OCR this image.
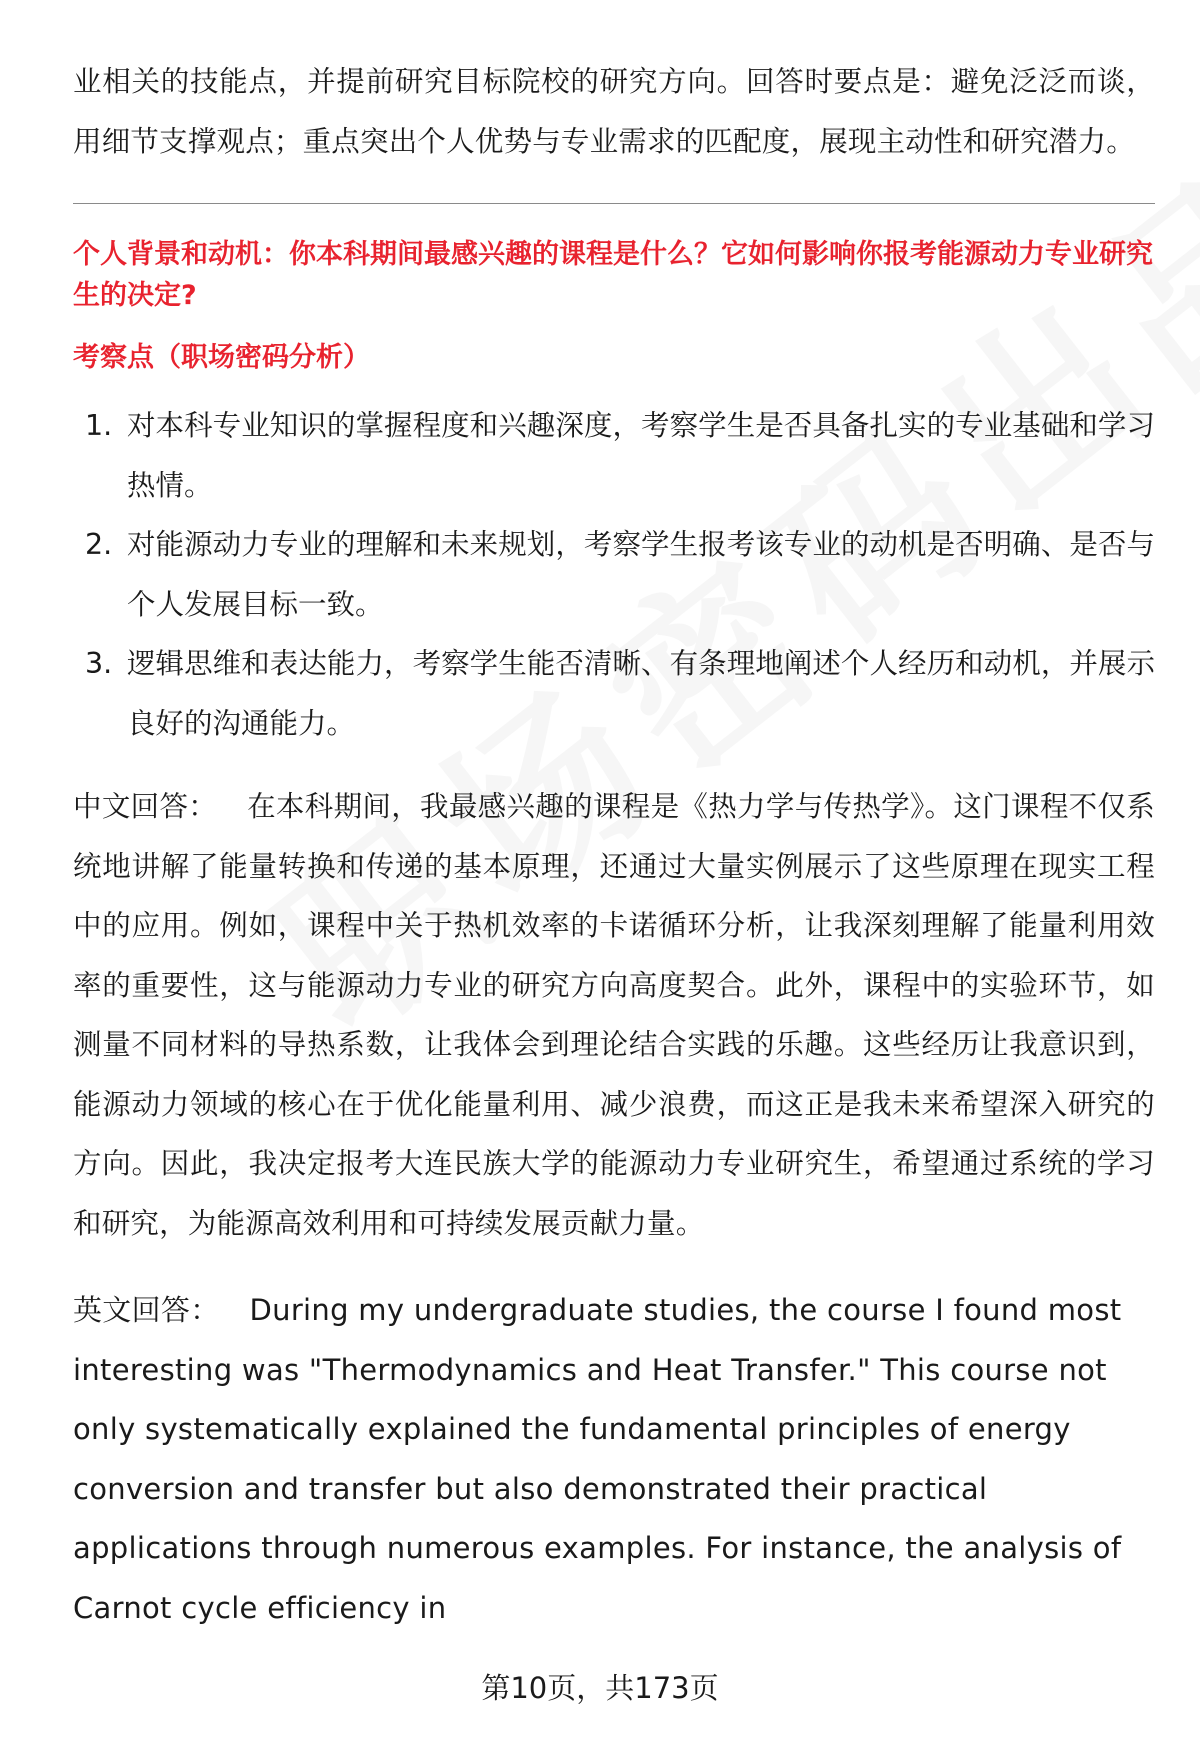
业相关的技能点，并提前研究目标院校的研究方向。回答时要点是：避免泛泛而谈，用细节支撑观点；重点突出个人优势与专业需求的匹配度，展现主动性和研究潜力。

个人背景和动机：你本科期间最感兴趣的课程是什么？它如何影响你报考能源动力专业研究生的决定?

考察点（职场密码分析）

1. 对本科专业知识的掌握程度和兴趣深度，考察学生是否具备扎实的专业基础和学习热情。
2. 对能源动力专业的理解和未来规划，考察学生报考该专业的动机是否明确、是否与个人发展目标一致。
3. 逻辑思维和表达能力，考察学生能否清晰、有条理地阐述个人经历和动机，并展示良好的沟通能力。

中文回答： 在本科期间，我最感兴趣的课程是《热力学与传热学》。这门课程不仅系统地讲解了能量转换和传递的基本原理，还通过大量实例展示了这些原理在现实工程中的应用。例如，课程中关于热机效率的卡诺循环分析，让我深刻理解了能量利用效率的重要性，这与能源动力专业的研究方向高度契合。此外，课程中的实验环节，如测量不同材料的导热系数，让我体会到理论结合实践的乐趣。这些经历让我意识到，能源动力领域的核心在于优化能量利用、减少浪费，而这正是我未来希望深入研究的方向。因此，我决定报考大连民族大学的能源动力专业研究生，希望通过系统的学习和研究，为能源高效利用和可持续发展贡献力量。

英文回答： During my undergraduate studies, the course I found most interesting was "Thermodynamics and Heat Transfer." This course not only systematically explained the fundamental principles of energy conversion and transfer but also demonstrated their practical applications through numerous examples. For instance, the analysis of Carnot cycle efficiency in

第10页，共173页
